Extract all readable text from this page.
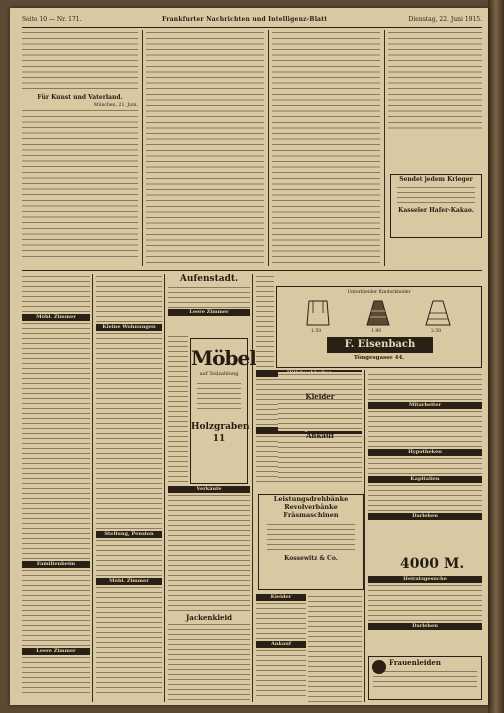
Seite 10 — Nr. 171.	Frankfurter Nachrichten und Intelligenz-Blatt	Dienstag, 22. Juni 1915.
Für Kunst und Vaterland.
München, 21. Juni.
Sendet jedem Krieger
Kasseler Hafer-Kakao.
Möbl. Zimmer
Familienheim
Leere Zimmer
Kleine Wohnungen
Stellung, Pension
Möbl. Zimmer
Aufenstadt.
Leere Zimmer
Möbel
auf Teilzahlung
Holzgraben 11
Verkäufe
Jackenkleid
Leistungsdrehbänke
Revolverbänke
Fräsmaschinen
Kossewitz & Co.
Kleider
Ankauf
Unterkleider Kinderkleider
1.50	1.90	2.50
F. Eisenbach
Töngesgasse 44.
Kleider
Ankauf
Mitarbeiter
Hypotheken
Kapitalien
Darlehen
4000 M.
Heiratsgesuche
Darlehen
Frauenleiden
